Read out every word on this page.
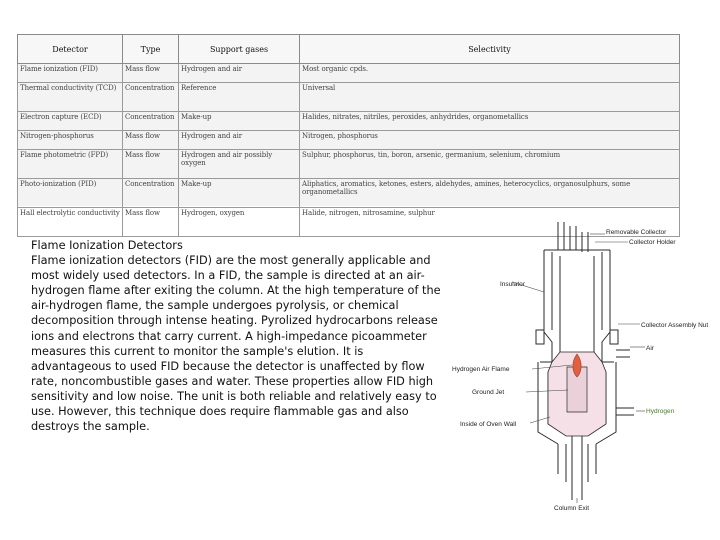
Detector	Type	Support gases	Selectivity
Flame ionization (FID)	Mass flow	Hydrogen and air	Most organic cpds.
Thermal conductivity (TCD)	Concentration	Reference	Universal
Electron capture (ECD)	Concentration	Make-up	Halides, nitrates, nitriles, peroxides, anhydrides, organometallics
Nitrogen-phosphorus	Mass flow	Hydrogen and air	Nitrogen, phosphorus
Flame photometric (FPD)	Mass flow	Hydrogen and air possibly oxygen	Sulphur, phosphorus, tin, boron, arsenic, germanium, selenium, chromium
Photo-ionization (PID)	Concentration	Make-up	Aliphatics, aromatics, ketones, esters, aldehydes, amines, heterocyclics, organosulphurs, some organometallics
Hall electrolytic conductivity	Mass flow	Hydrogen, oxygen	Halide, nitrogen, nitrosamine, sulphur
Flame Ionization Detectors
Flame ionization detectors (FID) are the most generally applicable and most widely used detectors. In a FID, the sample is directed at an air-hydrogen flame after exiting the column. At the high temperature of the air-hydrogen flame, the sample undergoes pyrolysis, or chemical decomposition through intense heating. Pyrolized hydrocarbons release ions and electrons that carry current. A high-impedance picoammeter measures this current to monitor the sample's elution. It is advantageous to used FID because the detector is unaffected by flow rate, noncombustible gases and water. These properties allow FID high sensitivity and low noise. The unit is both reliable and relatively easy to use. However, this technique does require flammable gas and also destroys the sample.
Removable Collector
Collector Holder
Insulator
Collector Assembly Nut
Air
Hydrogen Air Flame
Ground Jet
Hydrogen
Inside of Oven Wall
Column Exit
